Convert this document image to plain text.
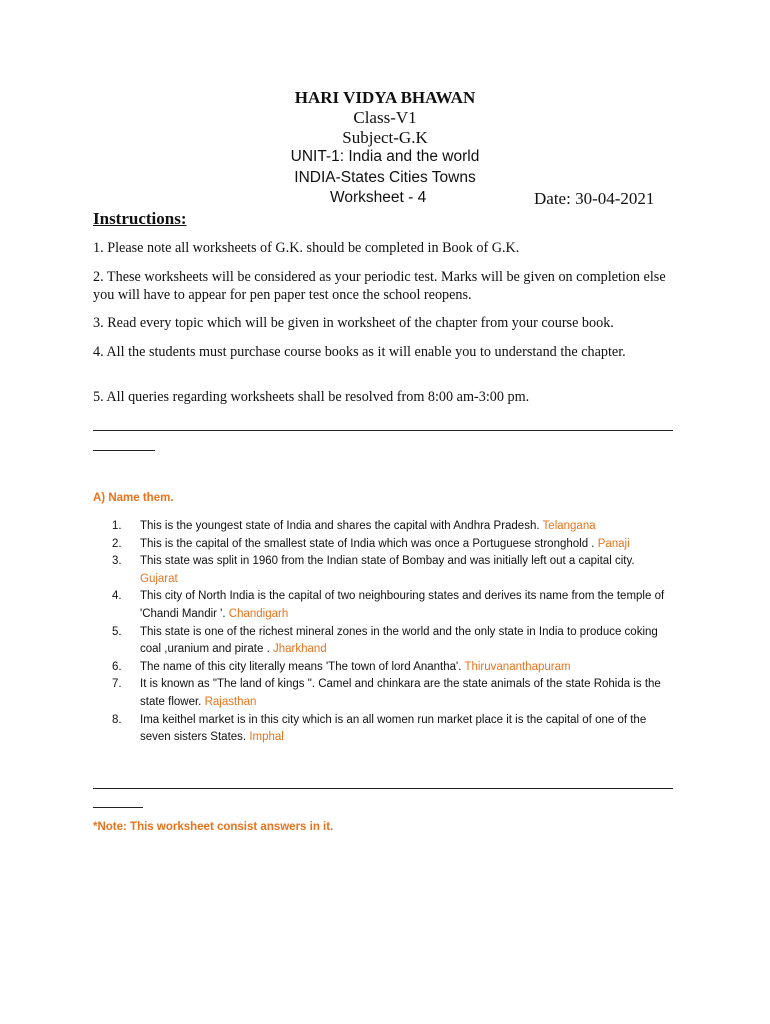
HARI VIDYA BHAWAN
Class-V1
Subject-G.K
UNIT-1: India and the world
INDIA-States Cities Towns
Worksheet - 4	Date: 30-04-2021
Instructions:
1. Please note all worksheets of G.K. should be completed in Book of G.K.
2. These worksheets will be considered as your periodic test. Marks will be given on completion else you will have to appear for pen paper test once the school reopens.
3. Read every topic which will be given in worksheet of the chapter from your course book.
4. All the students must purchase course books as it will enable you to understand the chapter.
5. All queries regarding worksheets shall be resolved from 8:00 am-3:00 pm.
A) Name them.
1. This is the youngest state of India and shares the capital with Andhra Pradesh. Telangana
2. This is the capital of the smallest state of India which was once a Portuguese stronghold . Panaji
3. This state was split in 1960 from the Indian state of Bombay and was initially left out a capital city. Gujarat
4. This city of North India is the capital of two neighbouring states and derives its name from the temple of 'Chandi Mandir '. Chandigarh
5. This state is one of the richest mineral zones in the world and the only state in India to produce coking coal ,uranium and pirate . Jharkhand
6. The name of this city literally means 'The town of lord Anantha'. Thiruvananthapuram
7. It is known as "The land of kings ". Camel and chinkara are the state animals of the state Rohida is the state flower. Rajasthan
8. Ima keithel market is in this city which is an all women run market place it is the capital of one of the seven sisters States. Imphal
*Note: This worksheet consist answers in it.
